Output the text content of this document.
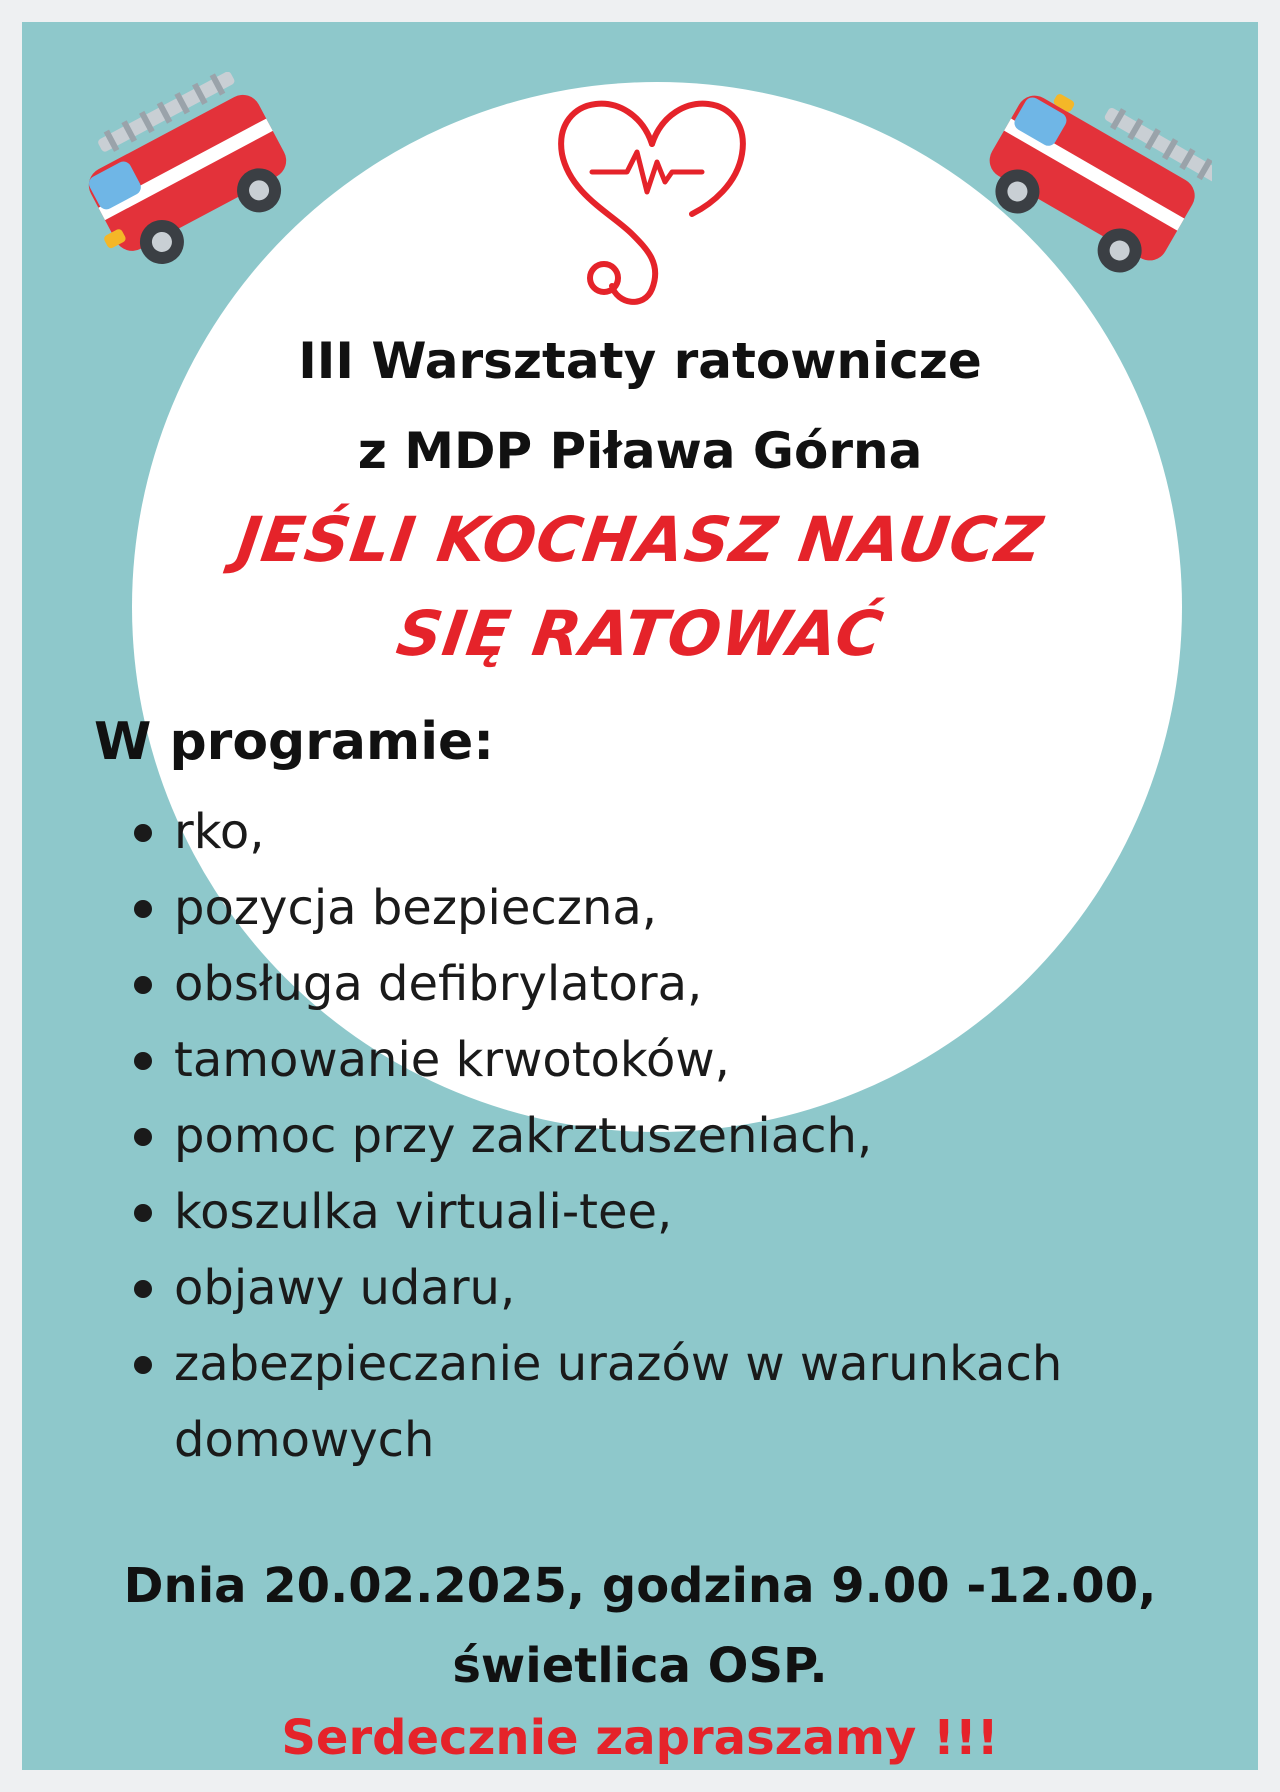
III Warsztaty ratownicze
z MDP Piława Górna
JEŚLI KOCHASZ NAUCZ
SIĘ RATOWAĆ
W programie:
rko,
pozycja bezpieczna,
obsługa defibrylatora,
tamowanie krwotoków,
pomoc przy zakrztuszeniach,
koszulka virtuali-tee,
objawy udaru,
zabezpieczanie urazów w warunkach
domowych
Dnia 20.02.2025, godzina 9.00 -12.00,
świetlica OSP.
Serdecznie zapraszamy !!!
